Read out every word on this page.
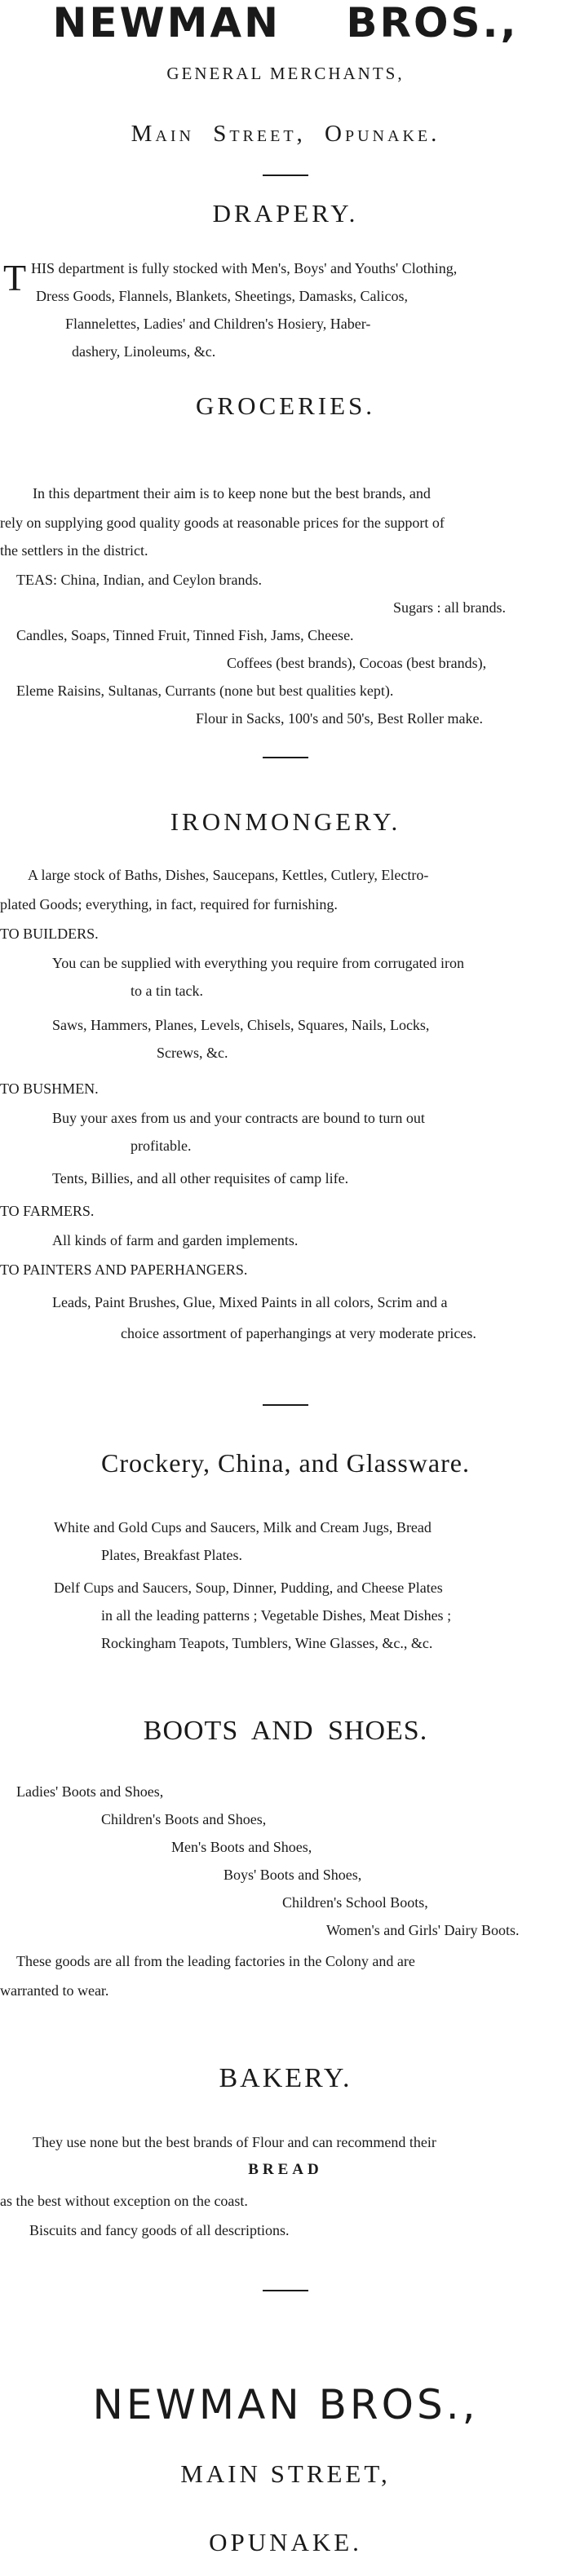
NEWMAN BROS.,
GENERAL MERCHANTS,
Main Street, Opunake.
DRAPERY.
T HIS department is fully stocked with Men's, Boys' and Youths' Clothing,
Dress Goods, Flannels, Blankets, Sheetings, Damasks, Calicos,
Flannelettes, Ladies' and Children's Hosiery, Haber-
dashery, Linoleums, &c.
GROCERIES.
In this department their aim is to keep none but the best brands, and
rely on supplying good quality goods at reasonable prices for the support of
the settlers in the district.
TEAS: China, Indian, and Ceylon brands.
Sugars : all brands.
Candles, Soaps, Tinned Fruit, Tinned Fish, Jams, Cheese.
Coffees (best brands), Cocoas (best brands),
Eleme Raisins, Sultanas, Currants (none but best qualities kept).
Flour in Sacks, 100's and 50's, Best Roller make.
IRONMONGERY.
A large stock of Baths, Dishes, Saucepans, Kettles, Cutlery, Electro-
plated Goods; everything, in fact, required for furnishing.
TO BUILDERS.
You can be supplied with everything you require from corrugated iron
to a tin tack.
Saws, Hammers, Planes, Levels, Chisels, Squares, Nails, Locks,
Screws, &c.
TO BUSHMEN.
Buy your axes from us and your contracts are bound to turn out
profitable.
Tents, Billies, and all other requisites of camp life.
TO FARMERS.
All kinds of farm and garden implements.
TO PAINTERS AND PAPERHANGERS.
Leads, Paint Brushes, Glue, Mixed Paints in all colors, Scrim and a
choice assortment of paperhangings at very moderate prices.
Crockery, China, and Glassware.
White and Gold Cups and Saucers, Milk and Cream Jugs, Bread
Plates, Breakfast Plates.
Delf Cups and Saucers, Soup, Dinner, Pudding, and Cheese Plates
in all the leading patterns ; Vegetable Dishes, Meat Dishes ;
Rockingham Teapots, Tumblers, Wine Glasses, &c., &c.
BOOTS AND SHOES.
Ladies' Boots and Shoes,
Children's Boots and Shoes,
Men's Boots and Shoes,
Boys' Boots and Shoes,
Children's School Boots,
Women's and Girls' Dairy Boots.
These goods are all from the leading factories in the Colony and are
warranted to wear.
BAKERY.
They use none but the best brands of Flour and can recommend their
BREAD
as the best without exception on the coast.
Biscuits and fancy goods of all descriptions.
NEWMAN BROS.,
MAIN STREET,
OPUNAKE.
